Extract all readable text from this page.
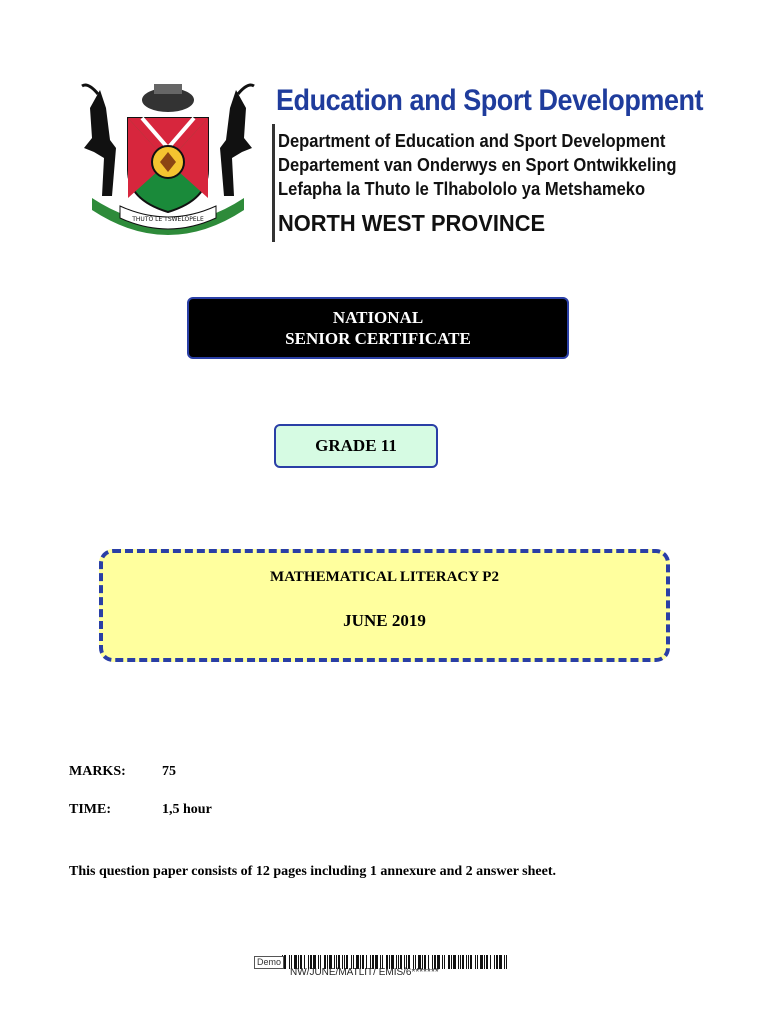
THUTO LE TSWELOPELE
Education and Sport Development
Department of Education and Sport Development
Departement van Onderwys en Sport Ontwikkeling
Lefapha la Thuto le Tlhabololo ya Metshameko
NORTH WEST PROVINCE
NATIONAL
SENIOR CERTIFICATE
GRADE 11
MATHEMATICAL LITERACY P2
JUNE 2019
MARKS:	75
TIME:	1,5 hour
This question paper consists of 12 pages including 1 annexure and 2 answer sheet.
Demo
NW/JUNE/MATLIT/ EMIS/6*******
